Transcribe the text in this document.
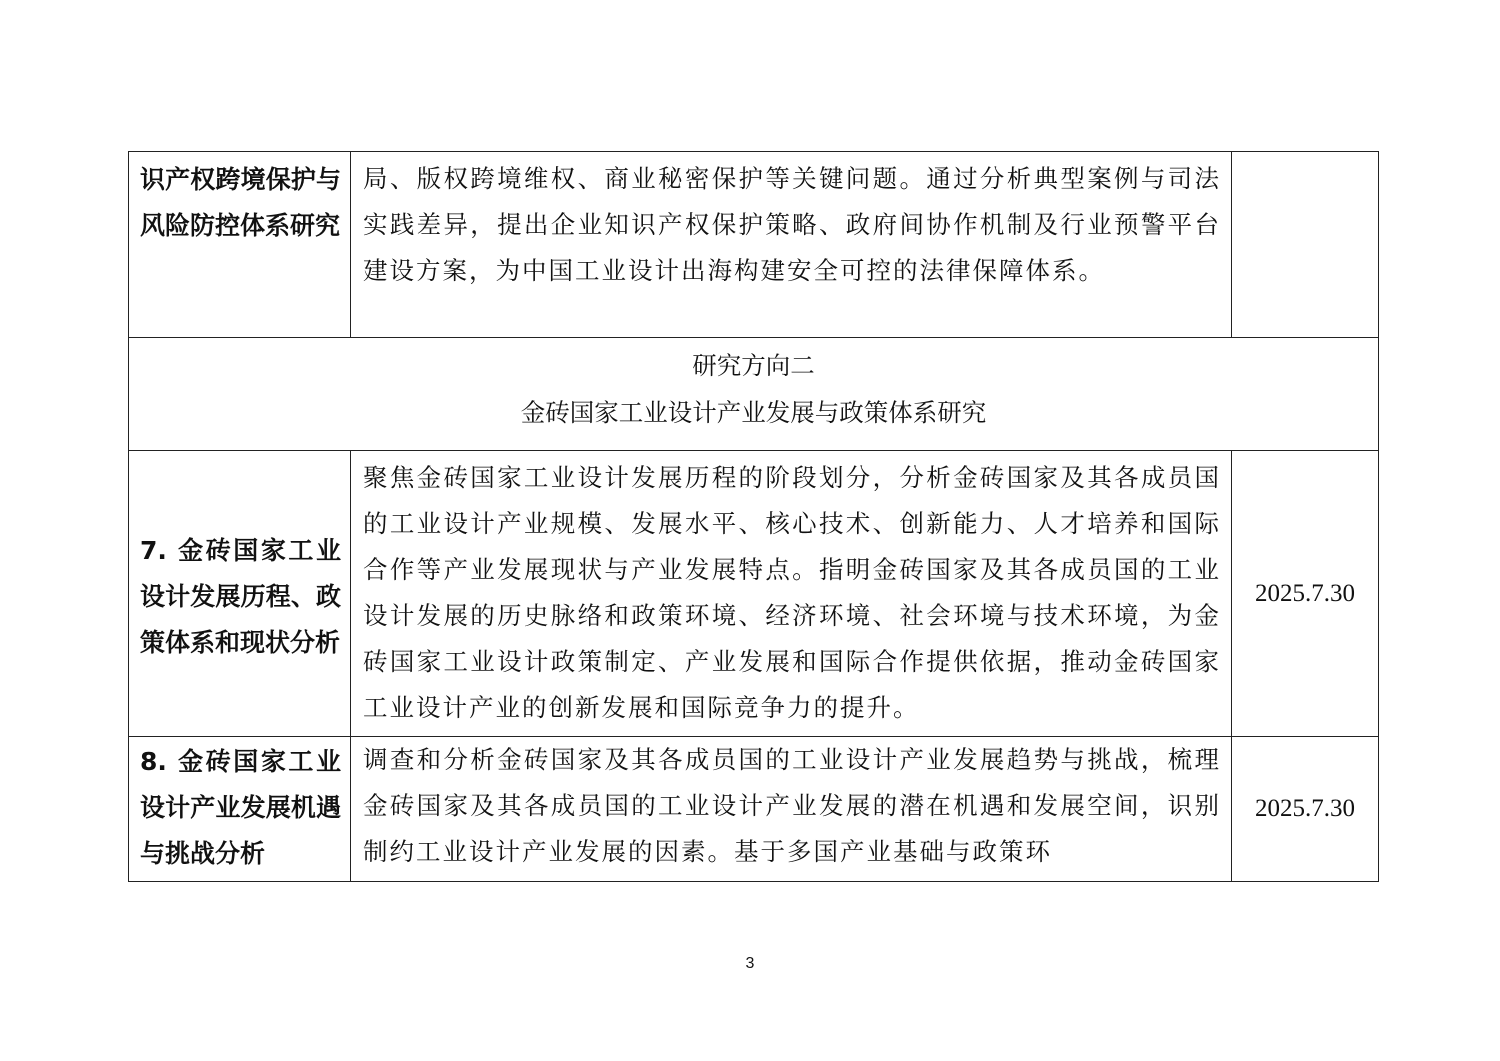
识产权跨境保护与风险防控体系研究	局、版权跨境维权、商业秘密保护等关键问题。通过分析典型案例与司法实践差异，提出企业知识产权保护策略、政府间协作机制及行业预警平台建设方案，为中国工业设计出海构建安全可控的法律保障体系。	

研究方向二
金砖国家工业设计产业发展与政策体系研究		

7. 金砖国家工业设计发展历程、政策体系和现状分析	聚焦金砖国家工业设计发展历程的阶段划分，分析金砖国家及其各成员国的工业设计产业规模、发展水平、核心技术、创新能力、人才培养和国际合作等产业发展现状与产业发展特点。指明金砖国家及其各成员国的工业设计发展的历史脉络和政策环境、经济环境、社会环境与技术环境，为金砖国家工业设计政策制定、产业发展和国际合作提供依据，推动金砖国家工业设计产业的创新发展和国际竞争力的提升。	2025.7.30
8. 金砖国家工业设计产业发展机遇与挑战分析	调查和分析金砖国家及其各成员国的工业设计产业发展趋势与挑战，梳理金砖国家及其各成员国的工业设计产业发展的潜在机遇和发展空间，识别制约工业设计产业发展的因素。基于多国产业基础与政策环	2025.7.30
3
